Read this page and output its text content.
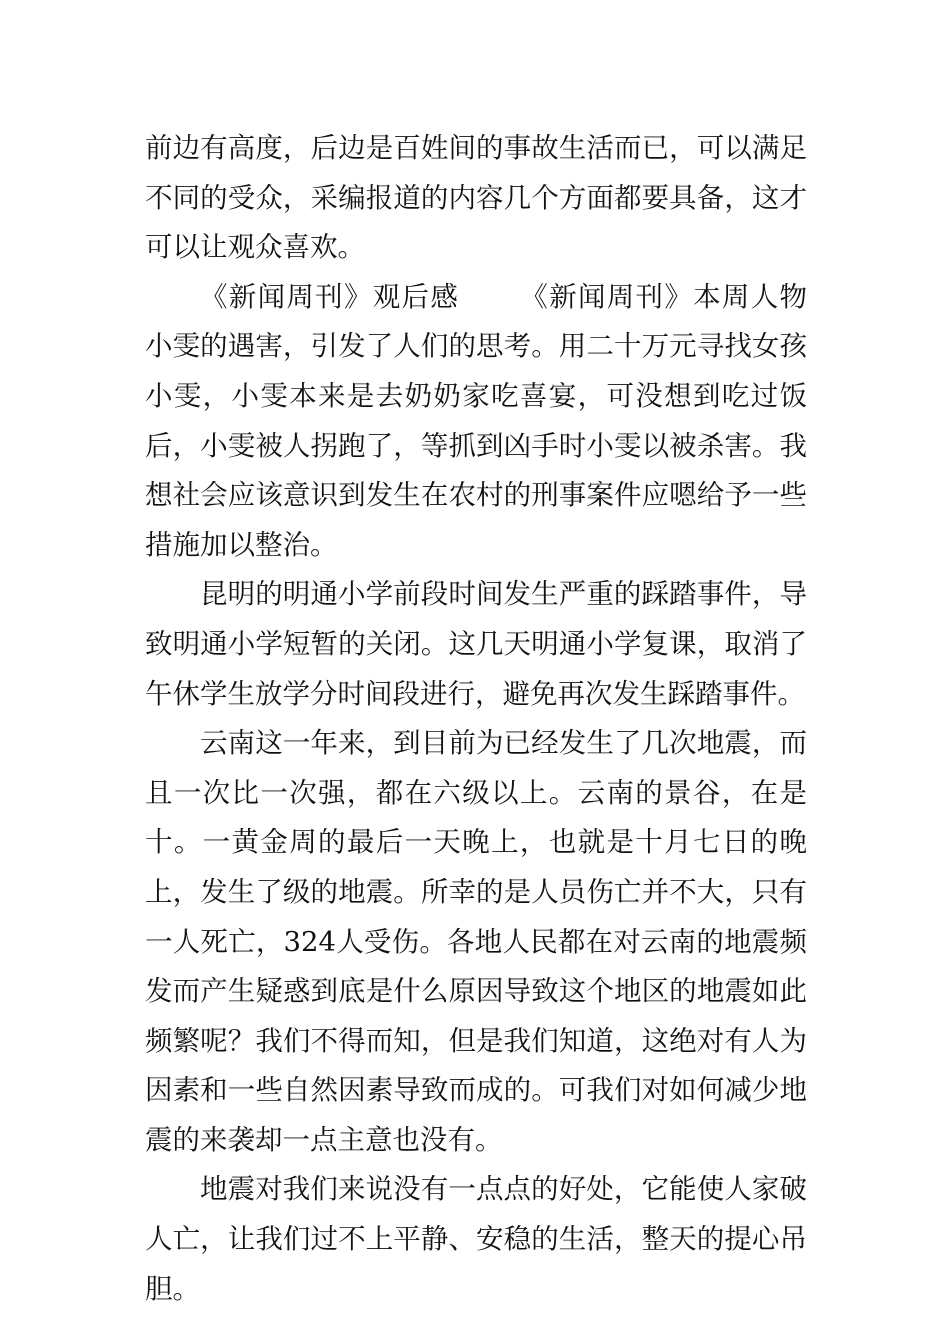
前边有高度，后边是百姓间的事故生活而已，可以满足不同的受众，采编报道的内容几个方面都要具备，这才可以让观众喜欢。

《新闻周刊》观后感 《新闻周刊》本周人物小雯的遇害，引发了人们的思考。用二十万元寻找女孩小雯，小雯本来是去奶奶家吃喜宴，可没想到吃过饭后，小雯被人拐跑了，等抓到凶手时小雯以被杀害。我想社会应该意识到发生在农村的刑事案件应嗯给予一些措施加以整治。

昆明的明通小学前段时间发生严重的踩踏事件，导致明通小学短暂的关闭。这几天明通小学复课，取消了午休学生放学分时间段进行，避免再次发生踩踏事件。

云南这一年来，到目前为已经发生了几次地震，而且一次比一次强，都在六级以上。云南的景谷，在是十。一黄金周的最后一天晚上，也就是十月七日的晚上，发生了级的地震。所幸的是人员伤亡并不大，只有一人死亡，324人受伤。各地人民都在对云南的地震频发而产生疑惑到底是什么原因导致这个地区的地震如此频繁呢？我们不得而知，但是我们知道，这绝对有人为因素和一些自然因素导致而成的。可我们对如何减少地震的来袭却一点主意也没有。

地震对我们来说没有一点点的好处，它能使人家破人亡，让我们过不上平静、安稳的生活，整天的提心吊胆。
